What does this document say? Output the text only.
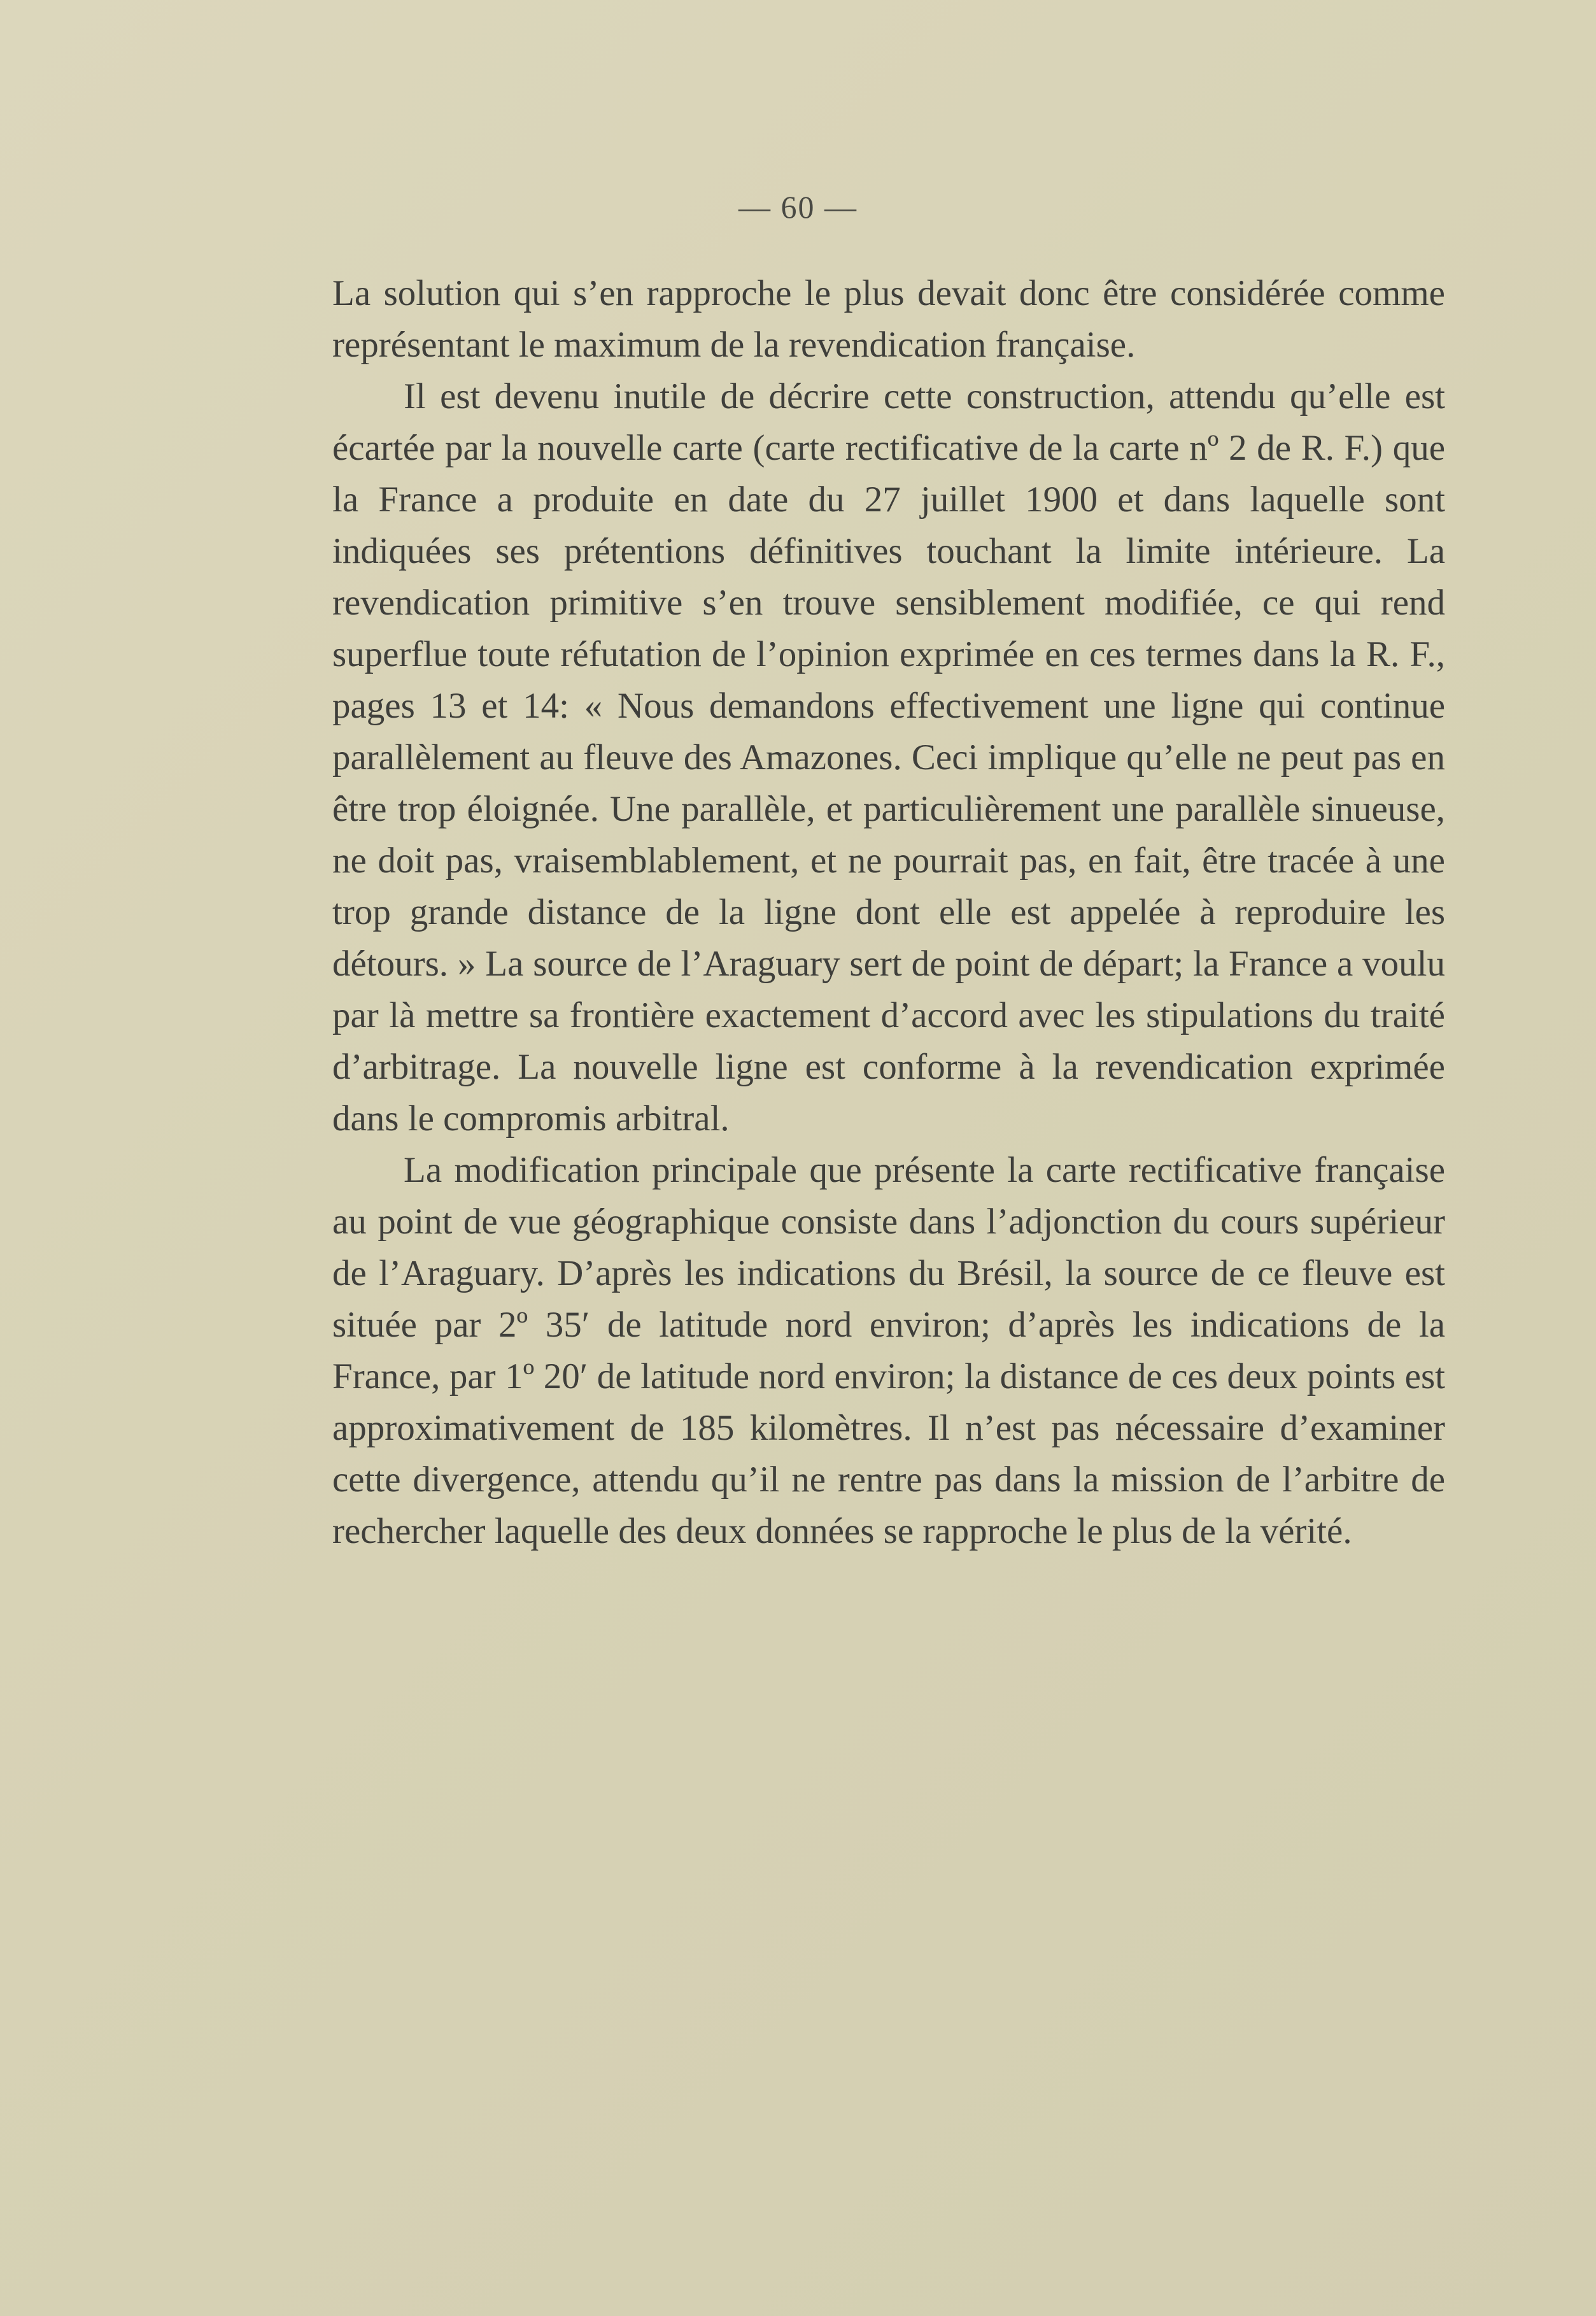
— 60 —

La solution qui s’en rapproche le plus devait donc être considérée comme représentant le maximum de la revendication française.

Il est devenu inutile de décrire cette construction, attendu qu’elle est écartée par la nouvelle carte (carte rectificative de la carte nº 2 de R. F.) que la France a produite en date du 27 juillet 1900 et dans laquelle sont indiquées ses prétentions définitives touchant la limite intérieure. La revendication primitive s’en trouve sensiblement modifiée, ce qui rend superflue toute réfutation de l’opinion exprimée en ces termes dans la R. F., pages 13 et 14: « Nous demandons effectivement une ligne qui continue parallèlement au fleuve des Amazones. Ceci implique qu’elle ne peut pas en être trop éloignée. Une parallèle, et particulièrement une parallèle sinueuse, ne doit pas, vraisemblablement, et ne pourrait pas, en fait, être tracée à une trop grande distance de la ligne dont elle est appelée à reproduire les détours. » La source de l’Araguary sert de point de départ; la France a voulu par là mettre sa frontière exactement d’accord avec les stipulations du traité d’arbitrage. La nouvelle ligne est conforme à la revendication exprimée dans le compromis arbitral.

La modification principale que présente la carte rectificative française au point de vue géographique consiste dans l’adjonction du cours supérieur de l’Araguary. D’après les indications du Brésil, la source de ce fleuve est située par 2º 35′ de latitude nord environ; d’après les indications de la France, par 1º 20′ de latitude nord environ; la distance de ces deux points est approximativement de 185 kilomètres. Il n’est pas nécessaire d’examiner cette divergence, attendu qu’il ne rentre pas dans la mission de l’arbitre de rechercher laquelle des deux données se rapproche le plus de la vérité.
